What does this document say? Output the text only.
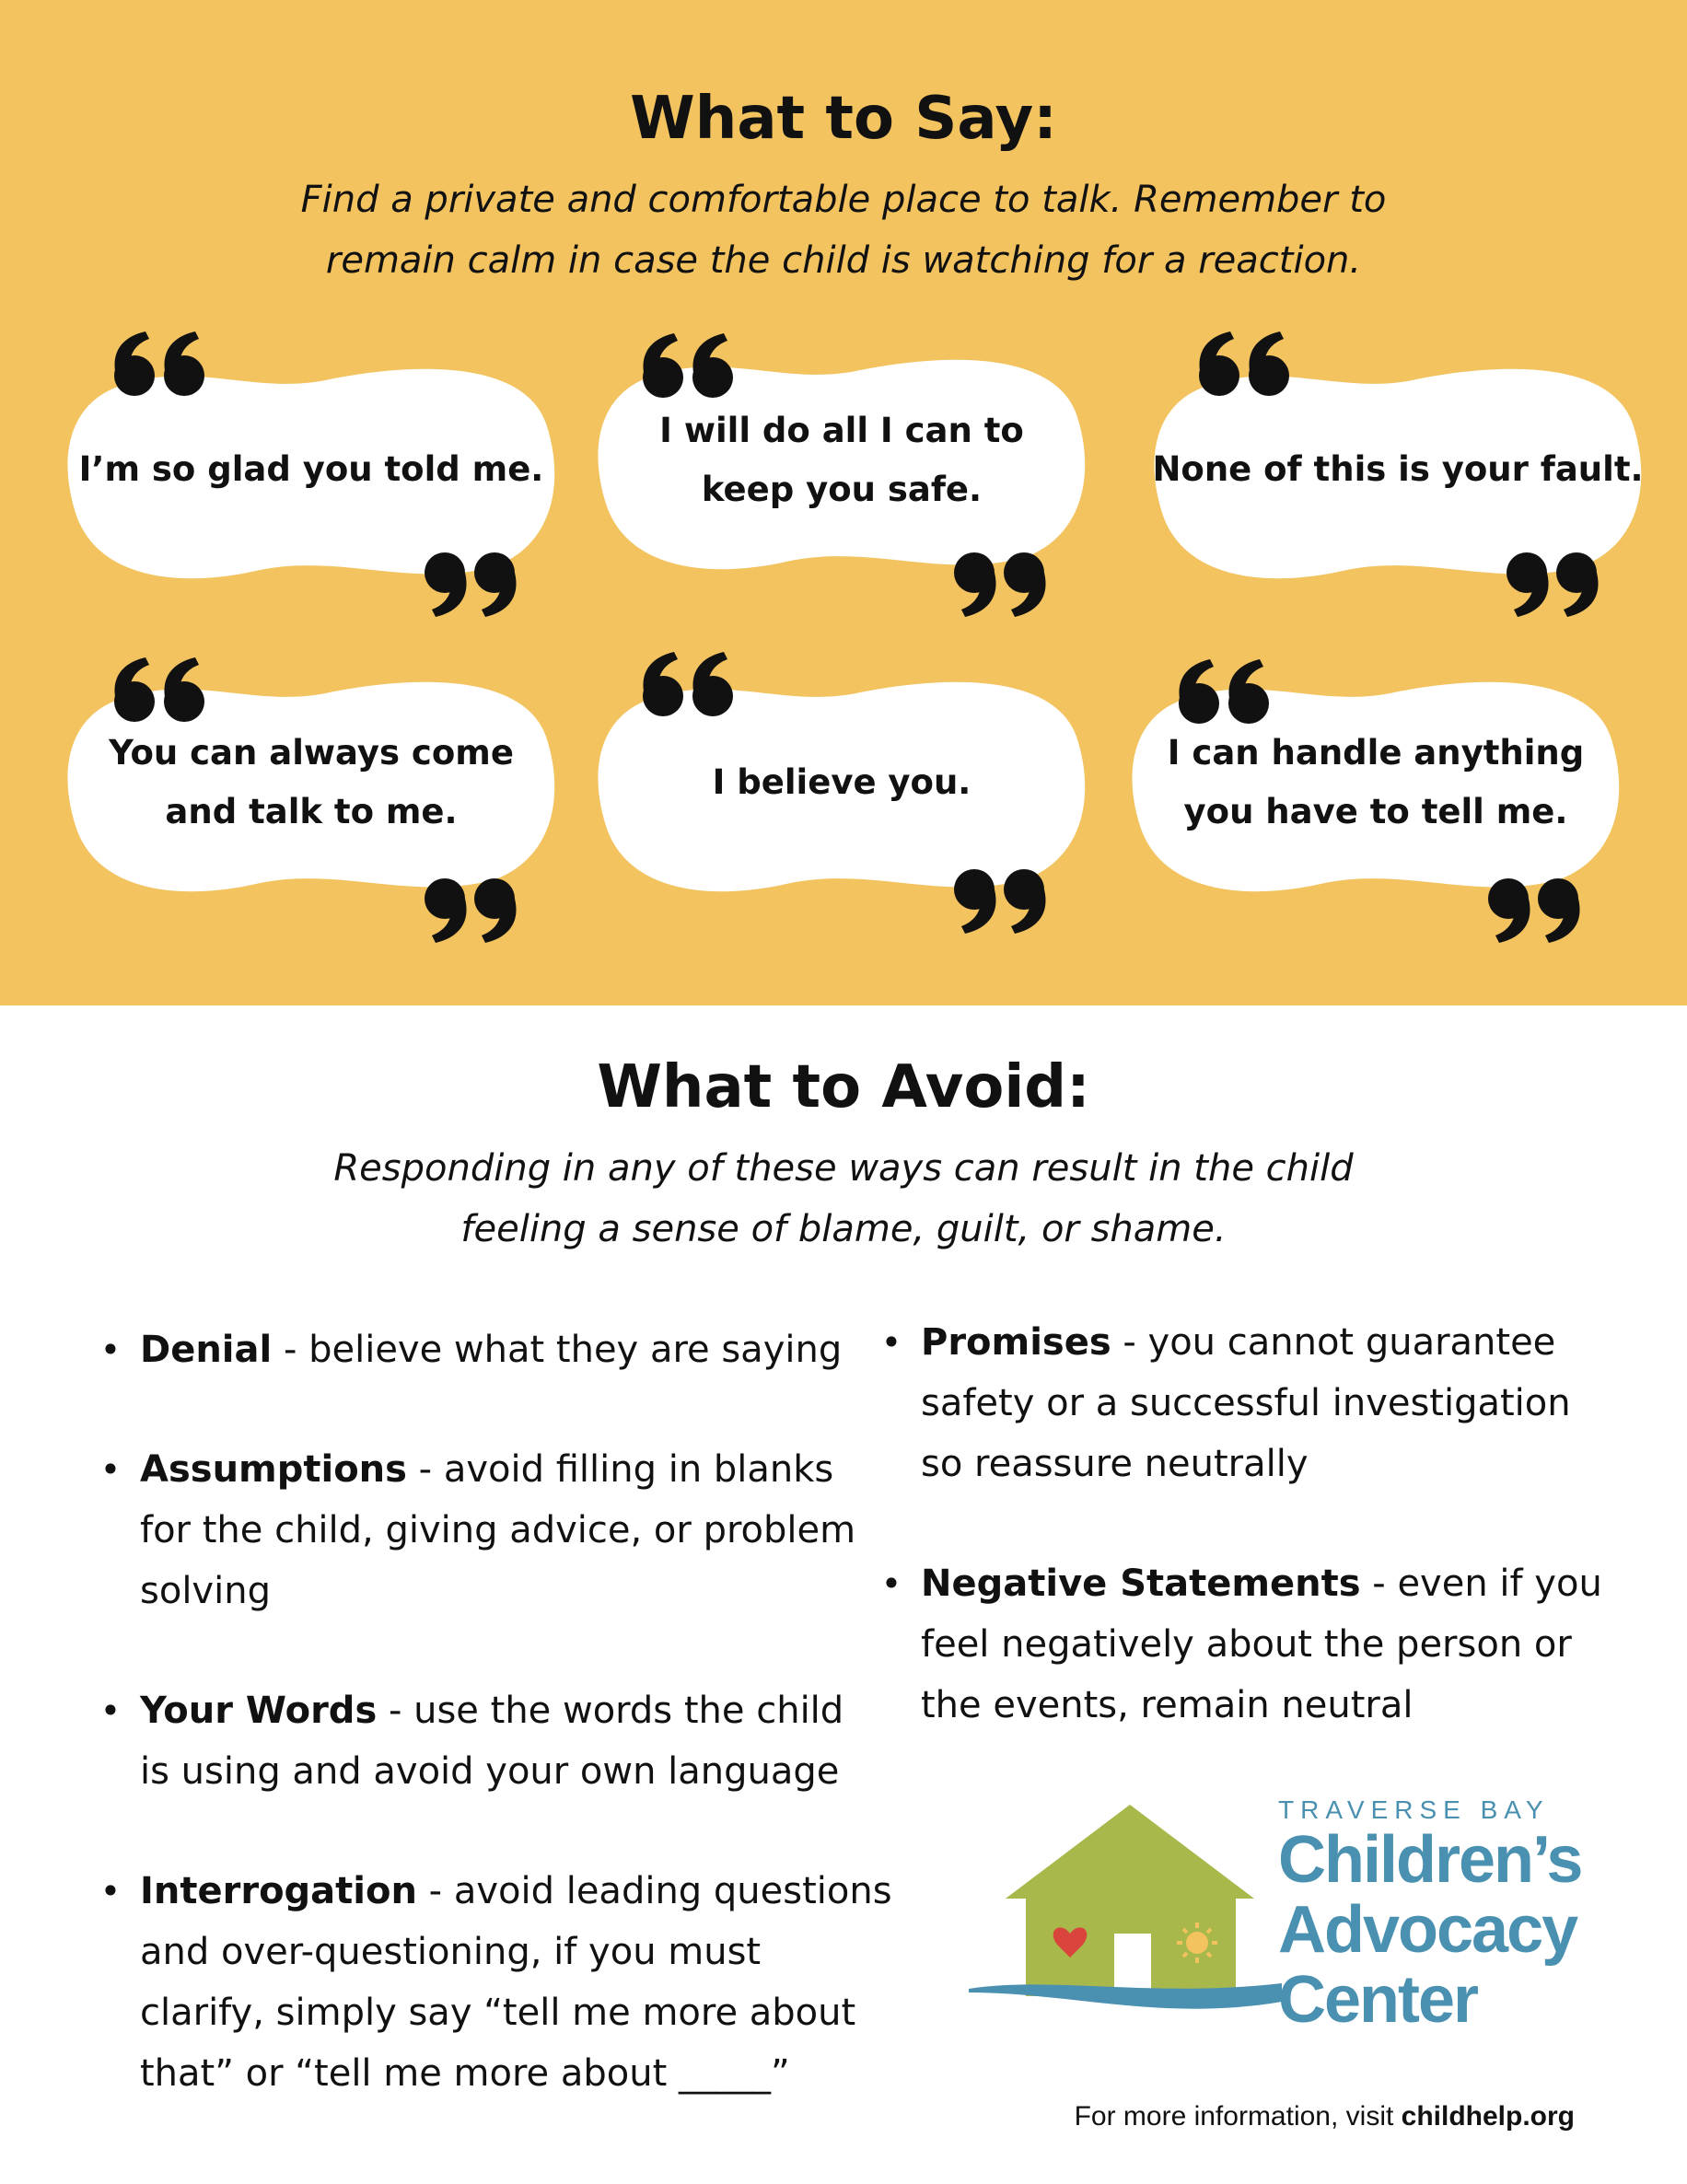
What to Say:
Find a private and comfortable place to talk. Remember to
remain calm in case the child is watching for a reaction.
I’m so glad you told me.
I will do all I can to
keep you safe.
None of this is your fault.
You can always come
and talk to me.
I believe you.
I can handle anything
you have to tell me.
What to Avoid:
Responding in any of these ways can result in the child
feeling a sense of blame, guilt, or shame.
• Denial - believe what they are saying
• Assumptions - avoid filling in blanks
for the child, giving advice, or problem
solving
• Your Words - use the words the child
is using and avoid your own language
• Interrogation - avoid leading questions
and over-questioning, if you must
clarify, simply say “tell me more about
that” or “tell me more about _____”
• Promises - you cannot guarantee
safety or a successful investigation
so reassure neutrally
• Negative Statements - even if you
feel negatively about the person or
the events, remain neutral
TRAVERSE BAY
Children’s
Advocacy
Center
For more information, visit childhelp.org
